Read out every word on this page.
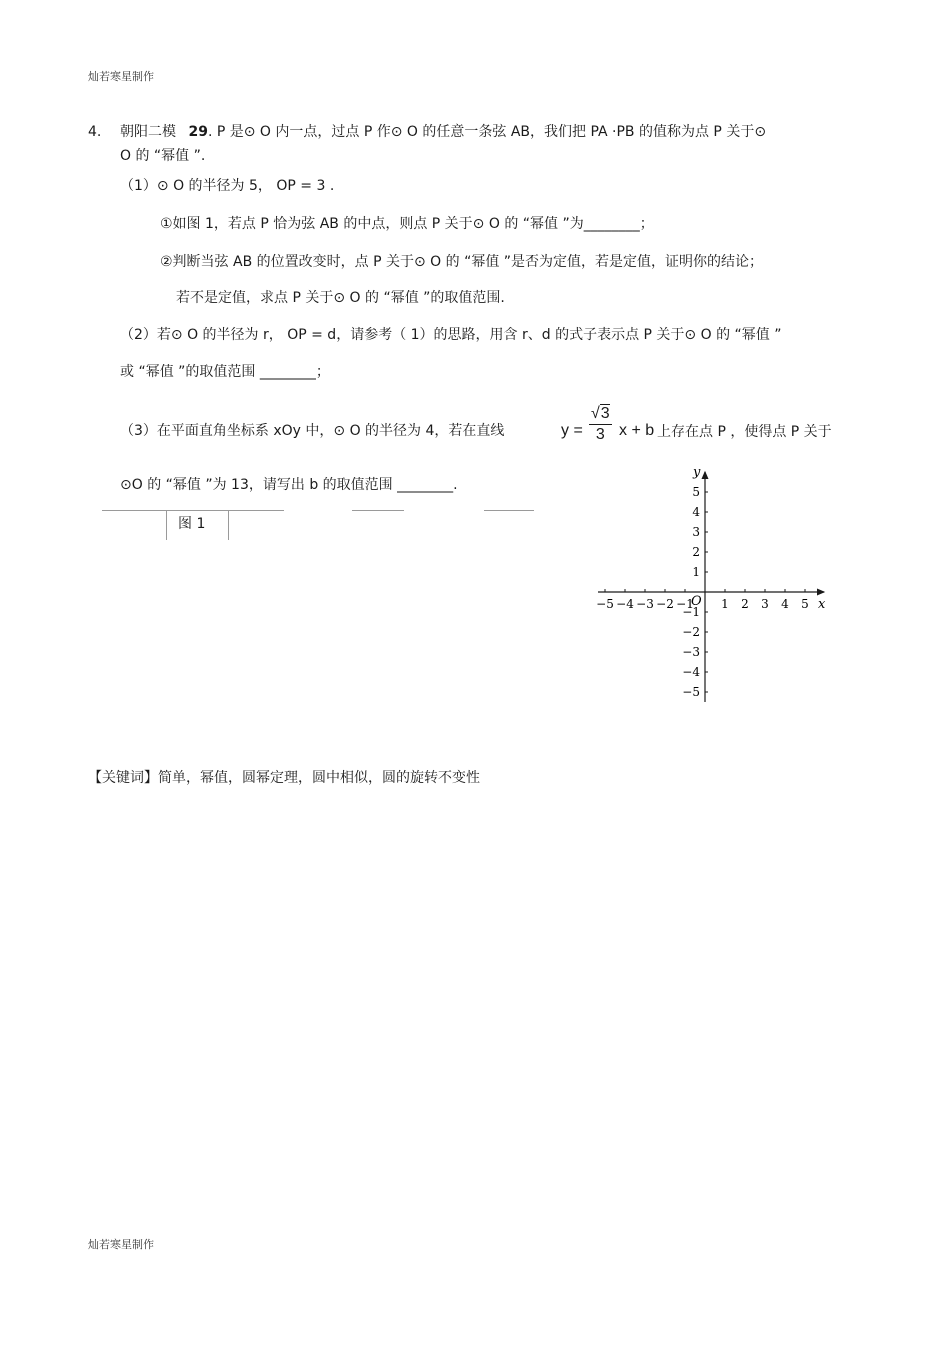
灿若寒星制作
4. 朝阳二模 29. P 是⊙ O 内一点，过点 P 作⊙ O 的任意一条弦 AB，我们把 PA ·PB 的值称为点 P 关于⊙
O 的 “幂值 ”.
（1）⊙ O 的半径为 5， OP = 3 .
①如图 1，若点 P 恰为弦 AB 的中点，则点 P 关于⊙ O 的 “幂值 ”为________；
②判断当弦 AB 的位置改变时，点 P 关于⊙ O 的 “幂值 ”是否为定值，若是定值，证明你的结论；
若不是定值，求点 P 关于⊙ O 的 “幂值 ”的取值范围.
（2）若⊙ O 的半径为 r， OP = d，请参考（ 1）的思路，用含 r、d 的式子表示点 P 关于⊙ O 的 “幂值 ”
或 “幂值 ”的取值范围 ________；
（3）在平面直角坐标系 xOy 中，⊙ O 的半径为 4，若在直线	$y = \frac{√3}{3}$ x + b 上存在点 P ，使得点 P 关于
⊙O 的 “幂值 ”为 13，请写出 b 的取值范围 ________.
图 1
−5 −4 −3 −2 −1 1 2 3 4 5
5
4
3
2
1
−1
−2
−3
−4
−5
x
y
O
【关键词】简单，幂值，圆幂定理，圆中相似，圆的旋转不变性
灿若寒星制作
